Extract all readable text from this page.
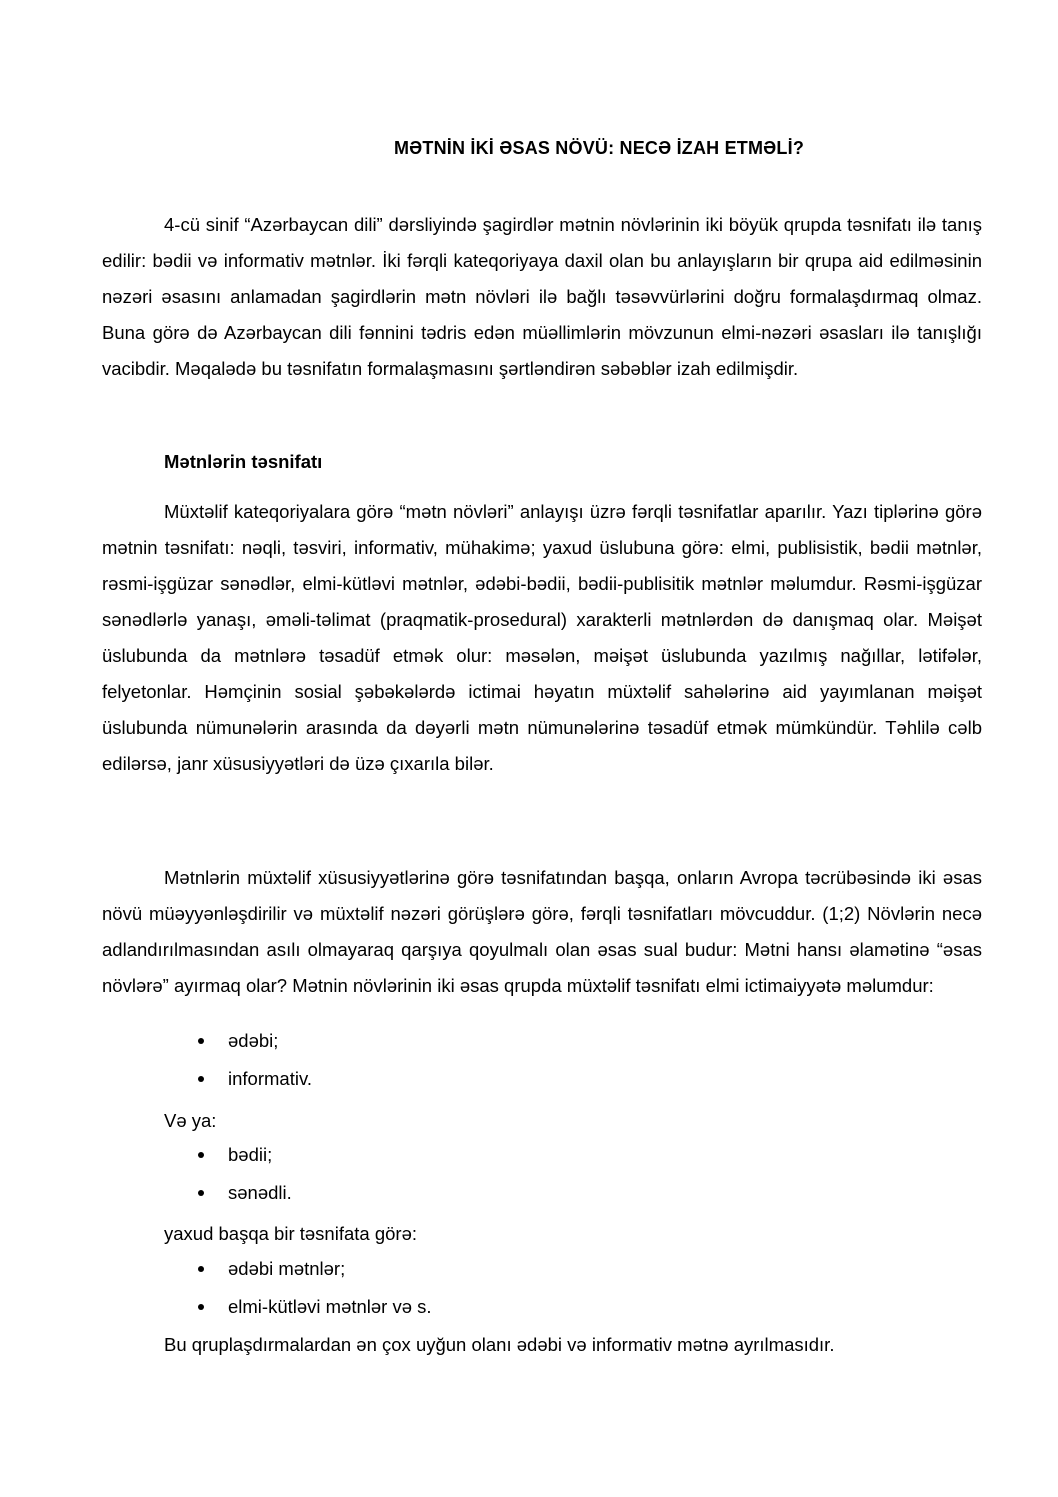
MƏTNİN İKİ ƏSAS NÖVÜ: NECƏ İZAH ETMƏLİ?

4-cü sinif “Azərbaycan dili” dərsliyində şagirdlər mətnin növlərinin iki böyük qrupda təsnifatı ilə tanış edilir: bədii və informativ mətnlər. İki fərqli kateqoriyaya daxil olan bu anlayışların bir qrupa aid edilməsinin nəzəri əsasını anlamadan şagirdlərin mətn növləri ilə bağlı təsəvvürlərini doğru formalaşdırmaq olmaz. Buna görə də Azərbaycan dili fənnini tədris edən müəllimlərin mövzunun elmi-nəzəri əsasları ilə tanışlığı vacibdir. Məqalədə bu təsnifatın formalaşmasını şərtləndirən səbəblər izah edilmişdir.

Mətnlərin təsnifatı

Müxtəlif kateqoriyalara görə “mətn növləri” anlayışı üzrə fərqli təsnifatlar aparılır. Yazı tiplərinə görə mətnin təsnifatı: nəqli, təsviri, informativ, mühakimə; yaxud üslubuna görə: elmi, publisistik, bədii mətnlər, rəsmi-işgüzar sənədlər, elmi-kütləvi mətnlər, ədəbi-bədii, bədii-publisitik mətnlər məlumdur. Rəsmi-işgüzar sənədlərlə yanaşı, əməli-təlimat (praqmatik-prosedural) xarakterli mətnlərdən də danışmaq olar. Məişət üslubunda da mətnlərə təsadüf etmək olur: məsələn, məişət üslubunda yazılmış nağıllar, lətifələr, felyetonlar. Həmçinin sosial şəbəkələrdə ictimai həyatın müxtəlif sahələrinə aid yayımlanan məişət üslubunda nümunələrin arasında da dəyərli mətn nümunələrinə təsadüf etmək mümkündür. Təhlilə cəlb edilərsə, janr xüsusiyyətləri də üzə çıxarıla bilər.

Mətnlərin müxtəlif xüsusiyyətlərinə görə təsnifatından başqa, onların Avropa təcrübəsində iki əsas növü müəyyənləşdirilir və müxtəlif nəzəri görüşlərə görə, fərqli təsnifatları mövcuddur. (1;2) Növlərin necə adlandırılmasından asılı olmayaraq qarşıya qoyulmalı olan əsas sual budur: Mətni hansı əlamətinə “əsas növlərə” ayırmaq olar? Mətnin növlərinin iki əsas qrupda müxtəlif təsnifatı elmi ictimaiyyətə məlumdur:

ədəbi;
informativ.
Və ya:
bədii;
sənədli.
yaxud başqa bir təsnifata görə:
ədəbi mətnlər;
elmi-kütləvi mətnlər və s.
Bu qruplaşdırmalardan ən çox uyğun olanı ədəbi və informativ mətnə ayrılmasıdır.
